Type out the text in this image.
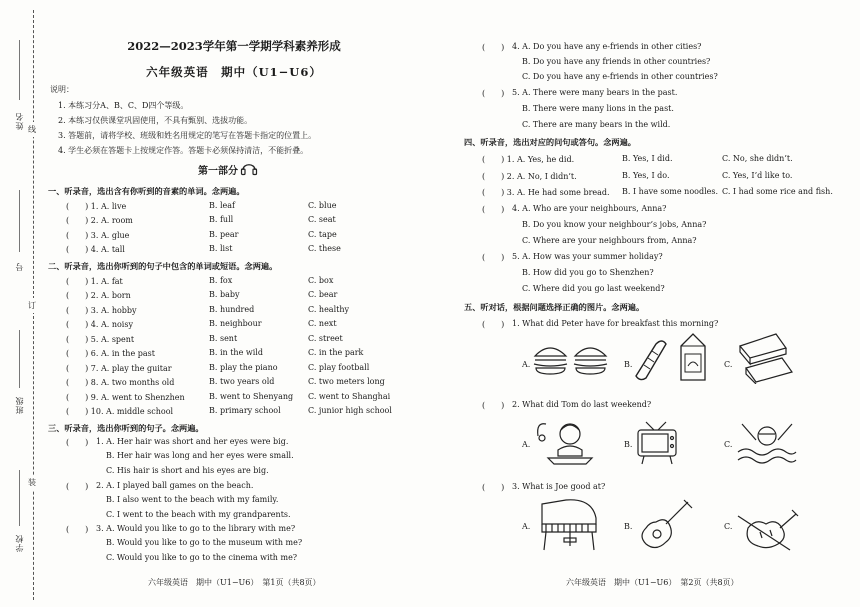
姓名
号
班级
学校
线
订
装
2022—2023学年第一学期学科素养形成
六年级英语　期中（U1−U6）
说明：
1. 本练习分A、B、C、D四个等级。
2. 本练习仅供课堂巩固使用，不具有甄别、选拔功能。
3. 答题前，请将学校、班级和姓名用规定的笔写在答题卡指定的位置上。
4. 学生必须在答题卡上按规定作答。答题卡必须保持清洁，不能折叠。
第一部分
一、听录音，选出含有你听到的音素的单词。念两遍。
(　　) 1. A. live	B. leaf	C. blue
(　　) 2. A. room	B. full	C. seat
(　　) 3. A. glue	B. pear	C. tape
(　　) 4. A. tall	B. list	C. these
二、听录音，选出你听到的句子中包含的单词或短语。念两遍。
(　　) 1. A. fat	B. fox	C. box
(　　) 2. A. born	B. baby	C. bear
(　　) 3. A. hobby	B. hundred	C. healthy
(　　) 4. A. noisy	B. neighbour	C. next
(　　) 5. A. spent	B. sent	C. street
(　　) 6. A. in the past	B. in the wild	C. in the park
(　　) 7. A. play the guitar	B. play the piano	C. play football
(　　) 8. A. two months old	B. two years old	C. two meters long
(　　) 9. A. went to Shenzhen	B. went to Shenyang C. went to Shanghai
(　　) 10. A. middle school	B. primary school	C. junior high school
三、听录音，选出你听到的句子。念两遍。
(　　) 1. A. Her hair was short and her eyes were big.
B. Her hair was long and her eyes were small.
C. His hair is short and his eyes are big.
(　　) 2. A. I played ball games on the beach.
B. I also went to the beach with my family.
C. I went to the beach with my grandparents.
(　　) 3. A. Would you like to go to the library with me?
B. Would you like to go to the museum with me?
C. Would you like to go to the cinema with me?
六年级英语　期中（U1−U6）　第1页（共8页）
(　　) 4. A. Do you have any e-friends in other cities?
B. Do you have any friends in other countries?
C. Do you have any e-friends in other countries?
(　　) 5. A. There were many bears in the past.
B. There were many lions in the past.
C. There are many bears in the wild.
四、听录音，选出对应的问句或答句。念两遍。
(　　) 1. A. Yes, he did.	B. Yes, I did.	C. No, she didn’t.
(　　) 2. A. No, I didn’t.	B. Yes, I do.	C. Yes, I’d like to.
(　　) 3. A. He had some bread. B. I have some noodles. C. I had some rice and fish.
(　　) 4. A. Who are your neighbours, Anna?
B. Do you know your neighbour’s jobs, Anna?
C. Where are your neighbours from, Anna?
(　　) 5. A. How was your summer holiday?
B. How did you go to Shenzhen?
C. Where did you go last weekend?
五、听对话，根据问题选择正确的图片。念两遍。
(　　) 1. What did Peter have for breakfast this morning?
A.	B.	C.
(　　) 2. What did Tom do last weekend?
A.	B.	C.
(　　) 3. What is Joe good at?
A.	B.	C.
六年级英语　期中（U1−U6）　第2页（共8页）
